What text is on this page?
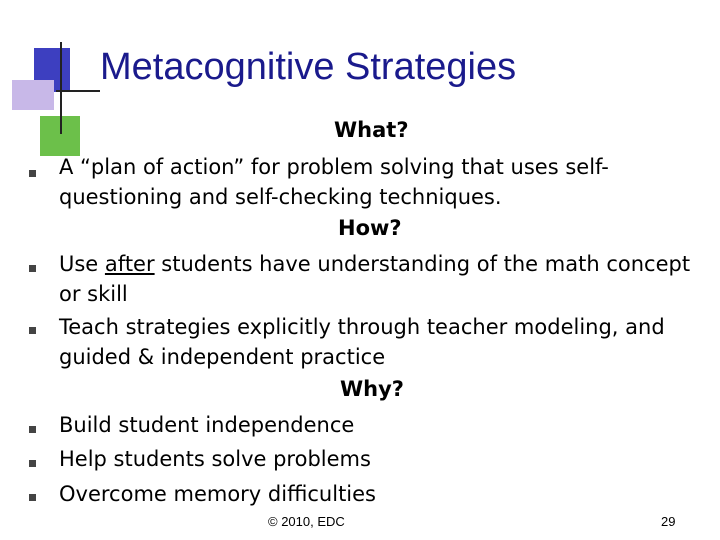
Metacognitive Strategies
What?
A “plan of action” for problem solving that uses self-
questioning and self-checking techniques.
How?
Use after students have understanding of the math concept
or skill
Teach strategies explicitly through teacher modeling, and
guided & independent practice
Why?
Build student independence
Help students solve problems
Overcome memory difficulties
© 2010, EDC	29
